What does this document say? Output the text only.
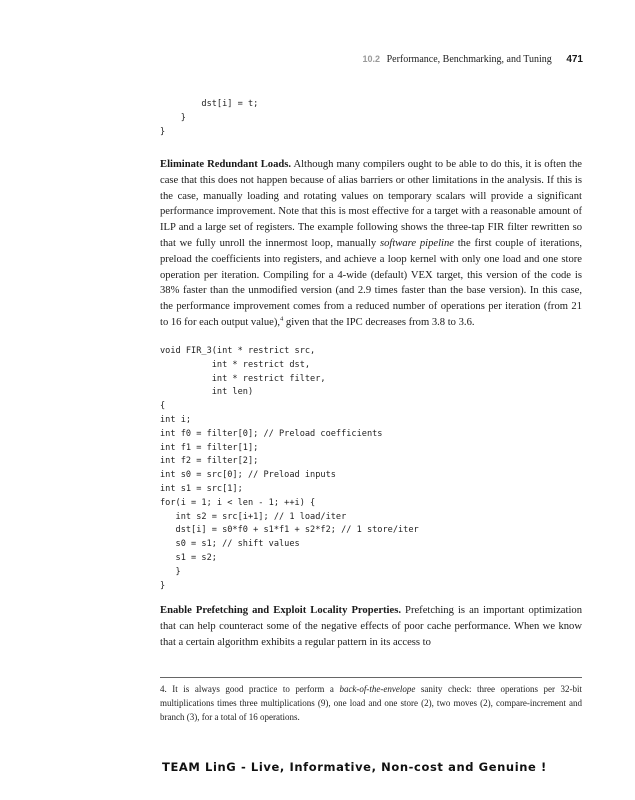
10.2 Performance, Benchmarking, and Tuning 471
dst[i] = t;
}
}

Eliminate Redundant Loads. Although many compilers ought to be able to do this, it is often the case that this does not happen because of alias barriers or other limitations in the analysis. If this is the case, manually loading and rotating values on temporary scalars will provide a significant performance improvement. Note that this is most effective for a target with a reasonable amount of ILP and a large set of registers. The example following shows the three-tap FIR filter rewritten so that we fully unroll the innermost loop, manually software pipeline the first couple of iterations, preload the coefficients into registers, and achieve a loop kernel with only one load and one store operation per iteration. Compiling for a 4-wide (default) VEX target, this version of the code is 38% faster than the unmodified version (and 2.9 times faster than the base version). In this case, the performance improvement comes from a reduced number of operations per iteration (from 21 to 16 for each output value),$^4$ given that the IPC decreases from 3.8 to 3.6.

void FIR_3(int * restrict src,
int * restrict dst,
int * restrict filter,
int len)
{
int i;
int f0 = filter[0]; // Preload coefficients
int f1 = filter[1];
int f2 = filter[2];
int s0 = src[0]; // Preload inputs
int s1 = src[1];
for(i = 1; i < len - 1; ++i) {
int s2 = src[i+1]; // 1 load/iter
dst[i] = s0*f0 + s1*f1 + s2*f2; // 1 store/iter
s0 = s1; // shift values
s1 = s2;
}
}

Enable Prefetching and Exploit Locality Properties. Prefetching is an important optimization that can help counteract some of the negative effects of poor cache performance. When we know that a certain algorithm exhibits a regular pattern in its access to

4. It is always good practice to perform a back-of-the-envelope sanity check: three operations per 32-bit multiplications times three multiplications (9), one load and one store (2), two moves (2), compare-increment and branch (3), for a total of 16 operations.
TEAM LinG - Live, Informative, Non-cost and Genuine !
